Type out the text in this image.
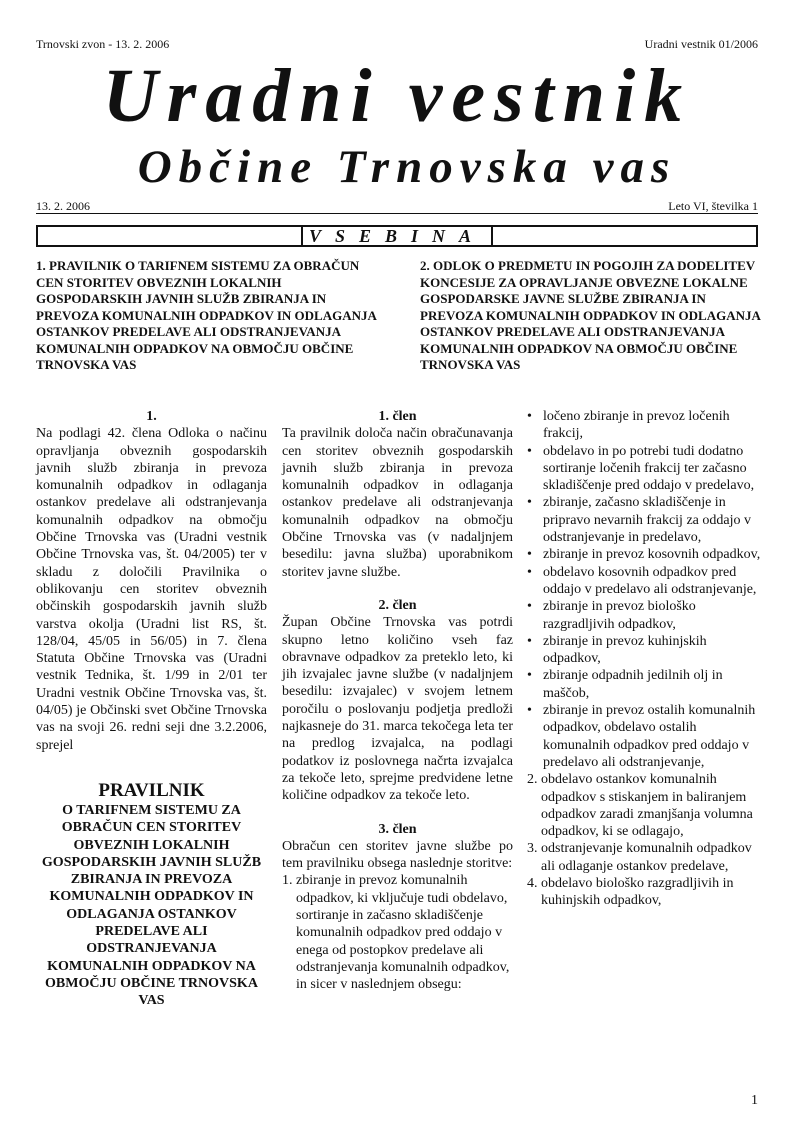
Trnovski zvon - 13. 2. 2006	Uradni vestnik 01/2006
Uradni vestnik
Občine Trnovska vas
13. 2. 2006	Leto VI, številka 1
VSEBINA
1. PRAVILNIK O TARIFNEM SISTEMU ZA OBRAČUN CEN STORITEV OBVEZNIH LOKALNIH GOSPODARSKIH JAVNIH SLUŽB ZBIRANJA IN PREVOZA KOMUNALNIH ODPADKOV IN ODLAGANJA OSTANKOV PREDELAVE ALI ODSTRANJEVANJA KOMUNALNIH ODPADKOV NA OBMOČJU OBČINE TRNOVSKA VAS
2. ODLOK O PREDMETU IN POGOJIH ZA DODELITEV KONCESIJE ZA OPRAVLJANJE OBVEZNE LOKALNE GOSPODARSKE JAVNE SLUŽBE ZBIRANJA IN PREVOZA KOMUNALNIH ODPADKOV IN ODLAGANJA OSTANKOV PREDELAVE ALI ODSTRANJEVANJA KOMUNALNIH ODPADKOV NA OBMOČJU OBČINE TRNOVSKA VAS

1.

Na podlagi 42. člena Odloka o načinu opravljanja obveznih gospodarskih javnih služb zbiranja in prevoza komunalnih odpadkov in odlaganja ostankov predelave ali odstranjevanja komunalnih odpadkov na območju Občine Trnovska vas (Uradni vestnik Občine Trnovska vas, št. 04/2005) ter v skladu z določili Pravilnika o oblikovanju cen storitev obveznih občinskih gospodarskih javnih služb varstva okolja (Uradni list RS, št. 128/04, 45/05 in 56/05) in 7. člena Statuta Občine Trnovska vas (Uradni vestnik Tednika, št. 1/99 in 2/01 ter Uradni vestnik Občine Trnovska vas, št. 04/05) je Občinski svet Občine Trnovska vas na svoji 26. redni seji dne 3.2.2006, sprejel

PRAVILNIK
O TARIFNEM SISTEMU ZA OBRAČUN CEN STORITEV OBVEZNIH LOKALNIH GOSPODARSKIH JAVNIH SLUŽB ZBIRANJA IN PREVOZA KOMUNALNIH ODPADKOV IN ODLAGANJA OSTANKOV PREDELAVE ALI ODSTRANJEVANJA KOMUNALNIH ODPADKOV NA OBMOČJU OBČINE TRNOVSKA VAS

1. člen

Ta pravilnik določa način obračunavanja cen storitev obveznih gospodarskih javnih služb zbiranja in prevoza komunalnih odpadkov in odlaganja ostankov predelave ali odstranjevanja komunalnih odpadkov na območju Občine Trnovska vas (v nadaljnjem besedilu: javna služba) uporabnikom storitev javne službe.

2. člen

Župan Občine Trnovska vas potrdi skupno letno količino vseh faz obravnave odpadkov za preteklo leto, ki jih izvajalec javne službe (v nadaljnjem besedilu: izvajalec) v svojem letnem poročilu o poslovanju podjetja predloži najkasneje do 31. marca tekočega leta ter na predlog izvajalca, na podlagi podatkov iz poslovnega načrta izvajalca za tekoče leto, sprejme predvidene letne količine odpadkov za tekoče leto.

3. člen

Obračun cen storitev javne službe po tem pravilniku obsega naslednje storitve:

1. zbiranje in prevoz komunalnih odpadkov, ki vključuje tudi obdelavo, sortiranje in začasno skladiščenje komunalnih odpadkov pred oddajo v enega od postopkov predelave ali odstranjevanja komunalnih odpadkov, in sicer v naslednjem obsegu:
• ločeno zbiranje in prevoz ločenih frakcij,
• obdelavo in po potrebi tudi dodatno sortiranje ločenih frakcij ter začasno skladiščenje pred oddajo v predelavo,
• zbiranje, začasno skladiščenje in pripravo nevarnih frakcij za oddajo v odstranjevanje in predelavo,
• zbiranje in prevoz kosovnih odpadkov,
• obdelavo kosovnih odpadkov pred oddajo v predelavo ali odstranjevanje,
• zbiranje in prevoz biološko razgradljivih odpadkov,
• zbiranje in prevoz kuhinjskih odpadkov,
• zbiranje odpadnih jedilnih olj in maščob,
• zbiranje in prevoz ostalih komunalnih odpadkov, obdelavo ostalih komunalnih odpadkov pred oddajo v predelavo ali odstranjevanje,
2. obdelavo ostankov komunalnih odpadkov s stiskanjem in baliranjem odpadkov zaradi zmanjšanja volumna odpadkov, ki se odlagajo,
3. odstranjevanje komunalnih odpadkov ali odlaganje ostankov predelave,
4. obdelavo biološko razgradljivih in kuhinjskih odpadkov,
1
